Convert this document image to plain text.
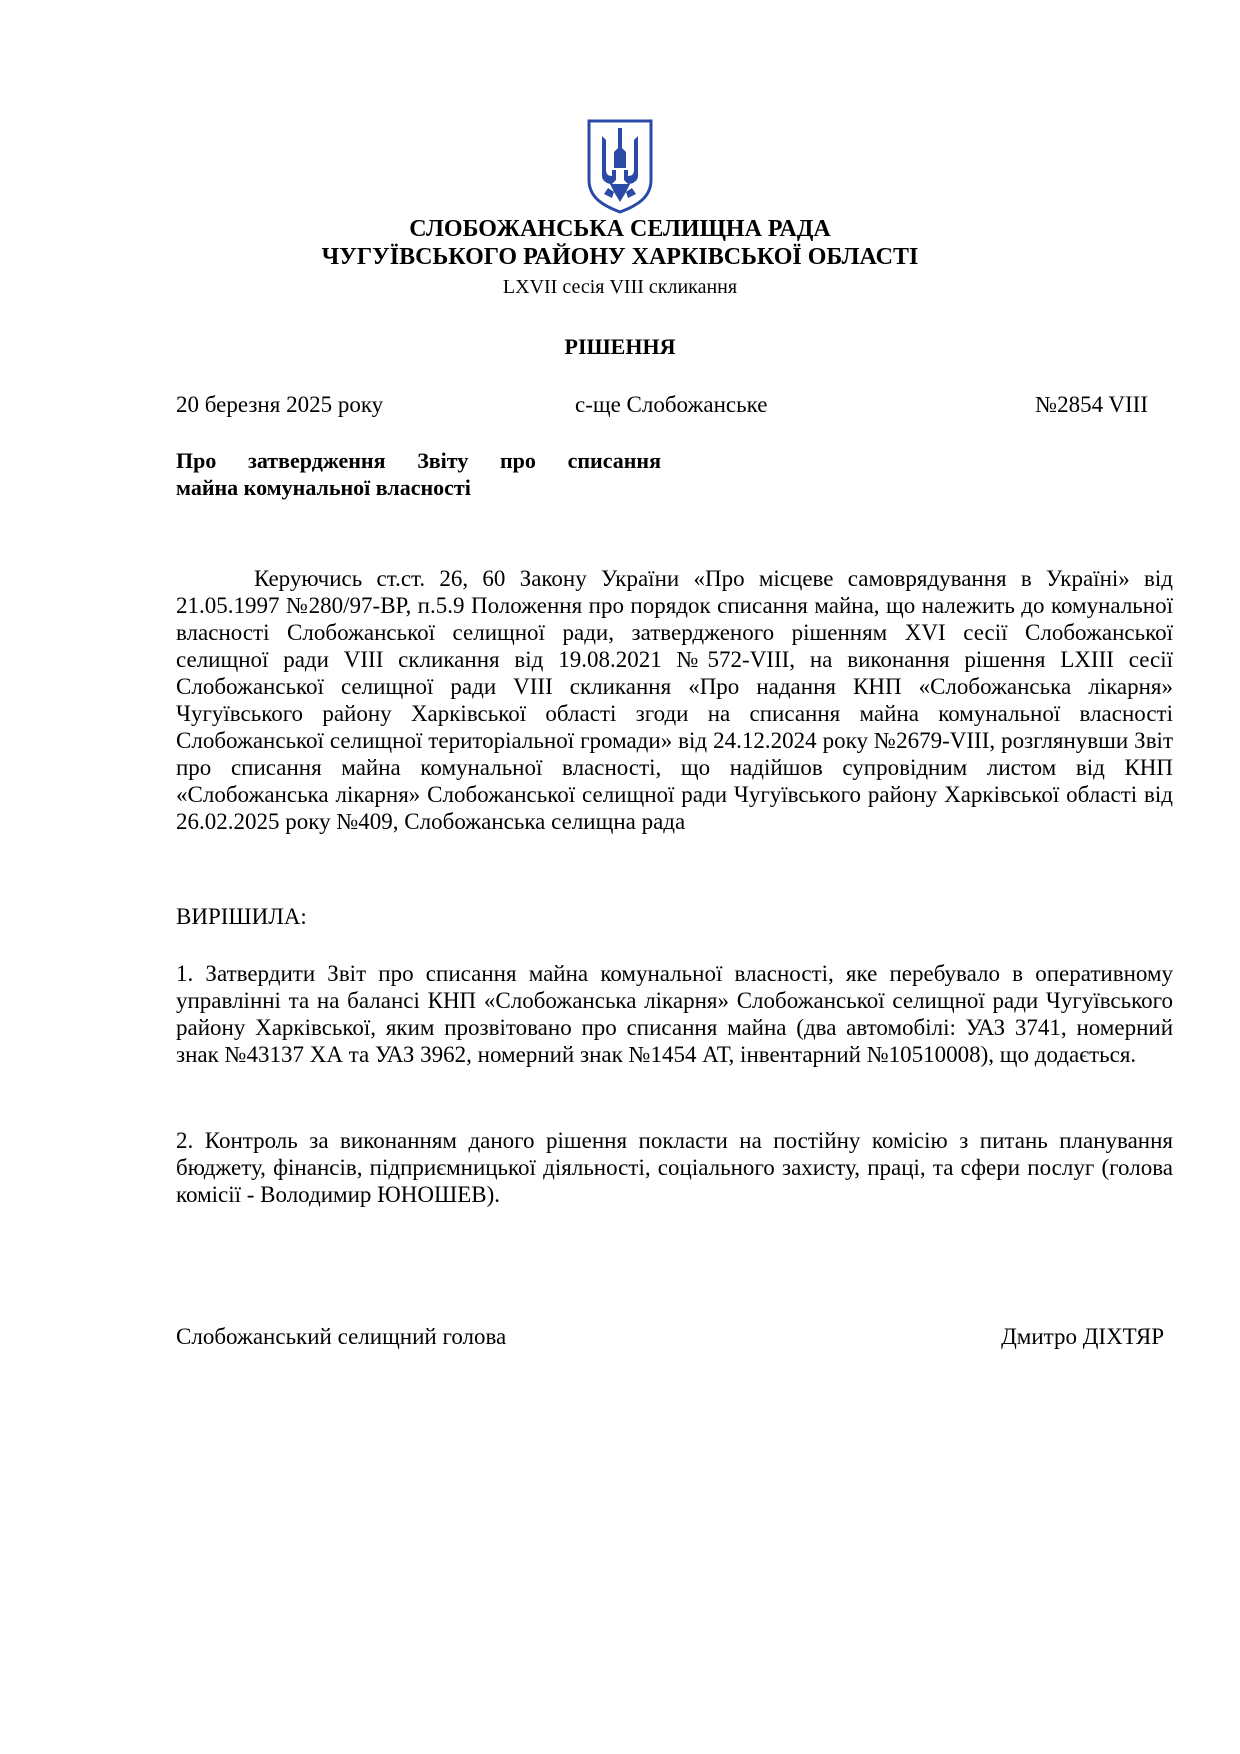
СЛОБОЖАНСЬКА СЕЛИЩНА РАДА
ЧУГУЇВСЬКОГО РАЙОНУ ХАРКІВСЬКОЇ ОБЛАСТІ
LXVII сесія VIII скликання
РІШЕННЯ
20 березня 2025 року	с-ще Слобожанське	№2854 VIII
Про затвердження Звіту про списання
майна комунальної власності
Керуючись ст.ст. 26, 60 Закону України «Про місцеве самоврядування в Україні» від 21.05.1997 №280/97-ВР, п.5.9 Положення про порядок списання майна, що належить до комунальної власності Слобожанської селищної ради, затвердженого рішенням XVI сесії Слобожанської селищної ради VIII скликання від 19.08.2021 №572-VIII, на виконання рішення LXIII сесії Слобожанської селищної ради VIII скликання «Про надання КНП «Слобожанська лікарня» Чугуївського району Харківської області згоди на списання майна комунальної власності Слобожанської селищної територіальної громади» від 24.12.2024 року №2679-VIII, розглянувши Звіт про списання майна комунальної власності, що надійшов супровідним листом від КНП «Слобожанська лікарня» Слобожанської селищної ради Чугуївського району Харківської області від 26.02.2025 року №409, Слобожанська селищна рада
ВИРІШИЛА:
1. Затвердити Звіт про списання майна комунальної власності, яке перебувало в оперативному управлінні та на балансі КНП «Слобожанська лікарня» Слобожанської селищної ради Чугуївського району Харківської, яким прозвітовано про списання майна (два автомобілі: УАЗ 3741, номерний знак №43137 ХА та УАЗ 3962, номерний знак №1454 АТ, інвентарний №10510008), що додається.
2. Контроль за виконанням даного рішення покласти на постійну комісію з питань планування бюджету, фінансів, підприємницької діяльності, соціального захисту, праці, та сфери послуг (голова комісії - Володимир ЮНОШЕВ).
Слобожанський селищний голова	Дмитро ДІХТЯР
